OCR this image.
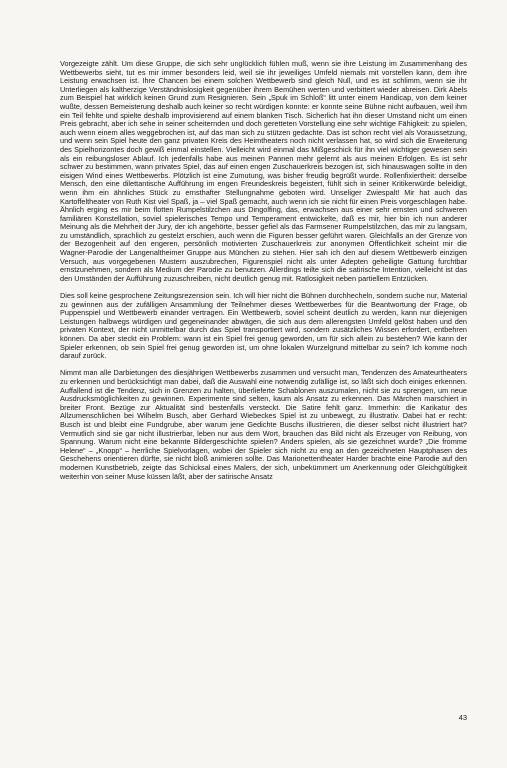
Vorgezeigte zählt. Um diese Gruppe, die sich sehr unglücklich fühlen muß, wenn sie ihre Leistung im Zusammenhang des Wettbewerbs sieht, tut es mir immer besonders leid, weil sie ihr jeweiliges Umfeld niemals mit vorstellen kann, dem ihre Leistung erwachsen ist. Ihre Chancen bei einem solchen Wettbewerb sind gleich Null, und es ist schlimm, wenn sie ihr Unterliegen als kaltherzige Verständnislosigkeit gegenüber ihrem Bemühen werten und verbittert wieder abreisen. Dirk Abels zum Beispiel hat wirklich keinen Grund zum Resignieren. Sein „Spuk im Schloß“ litt unter einem Handicap, von dem keiner wußte, dessen Bemeisterung deshalb auch keiner so recht würdigen konnte: er konnte seine Bühne nicht aufbauen, weil ihm ein Teil fehlte und spielte deshalb improvisierend auf einem blanken Tisch. Sicherlich hat ihn dieser Umstand nicht um einen Preis gebracht, aber ich sehe in seiner scheiternden und doch geretteten Vorstellung eine sehr wichtige Fähigkeit: zu spielen, auch wenn einem alles weggebrochen ist, auf das man sich zu stützen gedachte. Das ist schon recht viel als Voraussetzung, und wenn sein Spiel heute den ganz privaten Kreis des Heimtheaters noch nicht verlassen hat, so wird sich die Erweiterung des Spielhorizontes doch gewiß einmal einstellen. Vielleicht wird einmal das Mißgeschick für ihn viel wichtiger gewesen sein als ein reibungsloser Ablauf. Ich jedenfalls habe aus meinen Pannen mehr gelernt als aus meinen Erfolgen. Es ist sehr schwer zu bestimmen, wann privates Spiel, das auf einen engen Zuschauerkreis bezogen ist, sich hinauswagen sollte in den eisigen Wind eines Wettbewerbs. Plötzlich ist eine Zumutung, was bisher freudig begrüßt wurde. Rollenfixiertheit: derselbe Mensch, den eine dilettantische Aufführung im engen Freundeskreis begeistert, fühlt sich in seiner Kritikerwürde beleidigt, wenn ihm ein ähnliches Stück zu ernsthafter Stellungnahme geboten wird. Unseliger Zwiespalt! Mir hat auch das Kartoffeltheater von Ruth Kist viel Spaß, ja – viel Spaß gemacht, auch wenn ich sie nicht für einen Preis vorgeschlagen habe. Ähnlich erging es mir beim flotten Rumpelstilzchen aus Dingolfing, das, erwachsen aus einer sehr ernsten und schweren familiären Konstellation, soviel spielerisches Tempo und Temperament entwickelte, daß es mir, hier bin ich nun anderer Meinung als die Mehrheit der Jury, der ich angehörte, besser gefiel als das Farmsener Rumpelstilzchen, das mir zu langsam, zu umständlich, sprachlich zu gestelzt erschien, auch wenn die Figuren besser geführt waren. Gleichfalls an der Grenze von der Bezogenheit auf den engeren, persönlich motivierten Zuschauerkreis zur anonymen Öffentlichkeit scheint mir die Wagner-Parodie der Langenaltheimer Gruppe aus München zu stehen. Hier sah ich den auf diesem Wettbewerb einzigen Versuch, aus vorgegebenen Mustern auszubrechen, Figurenspiel nicht als unter Adepten geheiligte Gattung furchtbar ernstzunehmen, sondern als Medium der Parodie zu benutzen. Allerdings teilte sich die satirische Intention, vielleicht ist das den Umständen der Aufführung zuzuschreiben, nicht deutlich genug mit. Ratlosigkeit neben partiellem Entzücken.

Dies soll keine gesprochene Zeitungsrezension sein. Ich will hier nicht die Bühnen durchhecheln, sondern suche nur, Material zu gewinnen aus der zufälligen Ansammlung der Teilnehmer dieses Wettbewerbes für die Beantwortung der Frage, ob Puppenspiel und Wettbewerb einander vertragen. Ein Wettbewerb, soviel scheint deutlich zu werden, kann nur diejenigen Leistungen halbwegs würdigen und gegeneinander abwägen, die sich aus dem allerengsten Umfeld gelöst haben und den privaten Kontext, der nicht unmittelbar durch das Spiel transportiert wird, sondern zusätzliches Wissen erfordert, entbehren können. Da aber steckt ein Problem: wann ist ein Spiel frei genug geworden, um für sich allein zu bestehen? Wie kann der Spieler erkennen, ob sein Spiel frei genug geworden ist, um ohne lokalen Wurzelgrund mittelbar zu sein? Ich komme noch darauf zurück.

Nimmt man alle Darbietungen des diesjährigen Wettbewerbs zusammen und versucht man, Tendenzen des Amateurtheaters zu erkennen und berücksichtigt man dabei, daß die Auswahl eine notwendig zufällige ist, so läßt sich doch einiges erkennen. Auffallend ist die Tendenz, sich in Grenzen zu halten, überlieferte Schablonen auszumalen, nicht sie zu sprengen, um neue Ausdrucksmöglichkeiten zu gewinnen. Experimente sind selten, kaum als Ansatz zu erkennen. Das Märchen marschiert in breiter Front. Bezüge zur Aktualität sind bestenfalls versteckt. Die Satire fehlt ganz. Immerhin: die Karikatur des Allzumenschlichen bei Wilhelm Busch, aber Gerhard Wiebeckes Spiel ist zu unbewegt, zu illustrativ. Dabei hat er recht: Busch ist und bleibt eine Fundgrube, aber warum jene Gedichte Buschs illustrieren, die dieser selbst nicht illustriert hat? Vermutlich sind sie gar nicht illustrierbar, leben nur aus dem Wort, brauchen das Bild nicht als Erzeuger von Reibung, von Spannung. Warum nicht eine bekannte Bildergeschichte spielen? Anders spielen, als sie gezeichnet wurde? „Die fromme Helene“ – „Knopp“ – herrliche Spielvorlagen, wobei der Spieler sich nicht zu eng an den gezeichneten Hauptphasen des Geschehens orientieren dürfte, sie nicht bloß animieren sollte. Das Marionettentheater Harder brachte eine Parodie auf den modernen Kunstbetrieb, zeigte das Schicksal eines Malers, der sich, unbekümmert um Anerkennung oder Gleichgültigkeit weiterhin von seiner Muse küssen läßt, aber der satirische Ansatz

43
